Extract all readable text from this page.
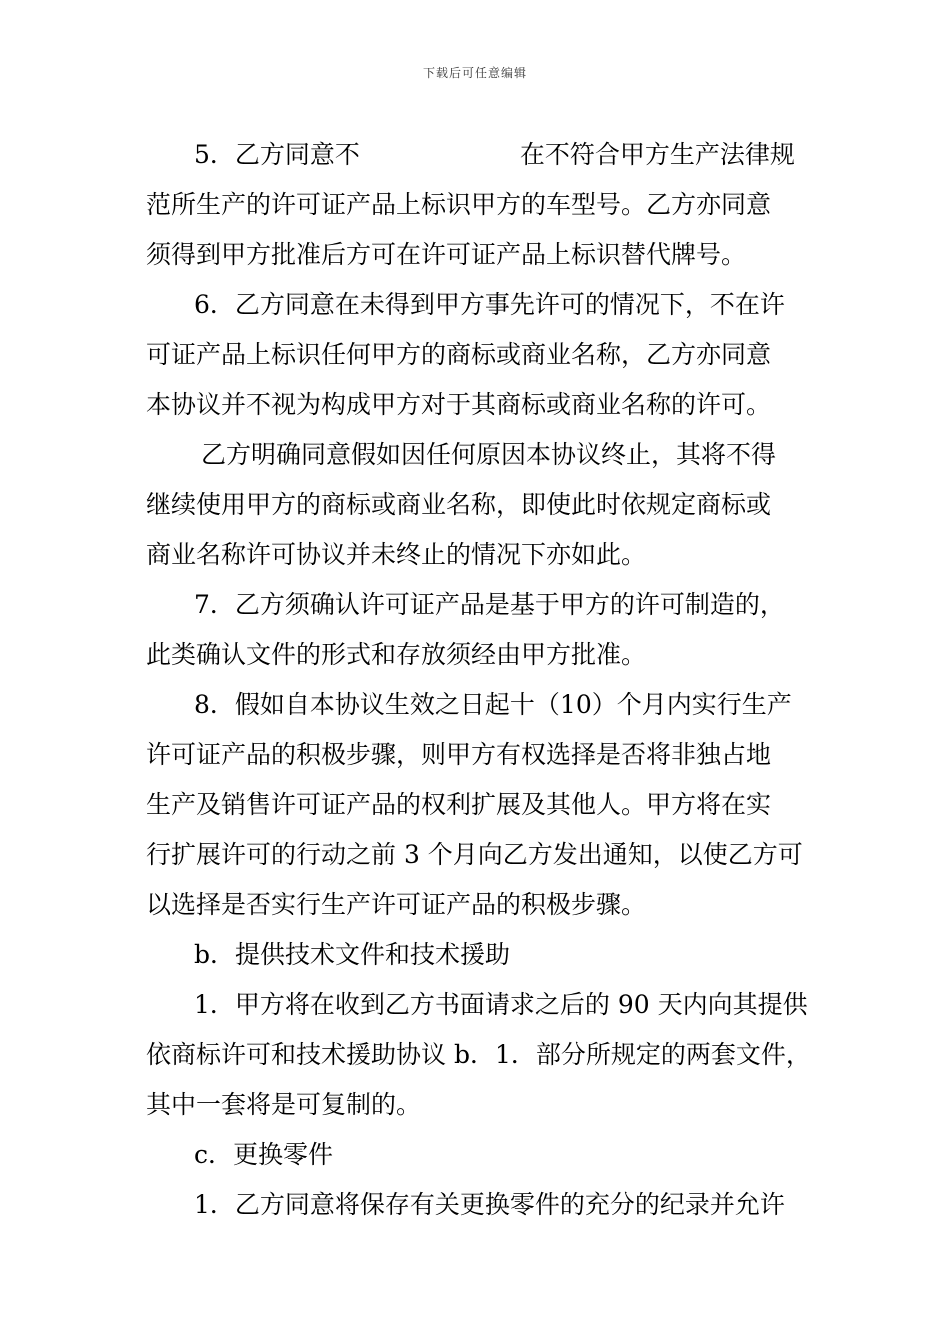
下载后可任意编辑
5．乙方同意不	在不符合甲方生产法律规
范所生产的许可证产品上标识甲方的车型号。乙方亦同意
须得到甲方批准后方可在许可证产品上标识替代牌号。
6．乙方同意在未得到甲方事先许可的情况下，不在许
可证产品上标识任何甲方的商标或商业名称，乙方亦同意
本协议并不视为构成甲方对于其商标或商业名称的许可。
乙方明确同意假如因任何原因本协议终止，其将不得
继续使用甲方的商标或商业名称，即使此时依规定商标或
商业名称许可协议并未终止的情况下亦如此。
7．乙方须确认许可证产品是基于甲方的许可制造的，
此类确认文件的形式和存放须经由甲方批准。
8．假如自本协议生效之日起十（10）个月内实行生产
许可证产品的积极步骤，则甲方有权选择是否将非独占地
生产及销售许可证产品的权利扩展及其他人。甲方将在实
行扩展许可的行动之前 3 个月向乙方发出通知，以使乙方可
以选择是否实行生产许可证产品的积极步骤。
b．提供技术文件和技术援助
1．甲方将在收到乙方书面请求之后的 90 天内向其提供
依商标许可和技术援助协议 b．1．部分所规定的两套文件，
其中一套将是可复制的。
c．更换零件
1．乙方同意将保存有关更换零件的充分的纪录并允许
